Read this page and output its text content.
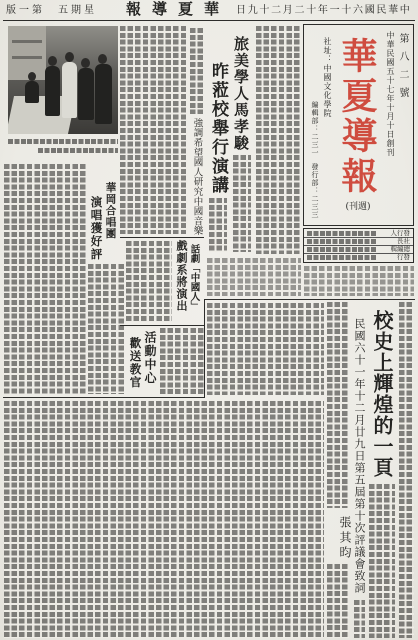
第一版 星期五 華夏導報 中華民國六十一年十二月二十九日
第八二號
中華民國五十七年十月十日創刊
華夏導報
(週刊)
社址：中國文化學院
編輯部：二三一
發行部：二三三
發行人
社長
總編輯
發行
旅美學人馬孝駿
昨蒞校舉行演講
強調希望國人研究中國音樂
華岡合唱團
演唱獲好評
話劇「中國人」
戲劇系將演出
活動中心
歡送教官	校史上輝煌的一頁
民國六十一年十二月廿九日第五屆第十次評議會致詞
張其昀
